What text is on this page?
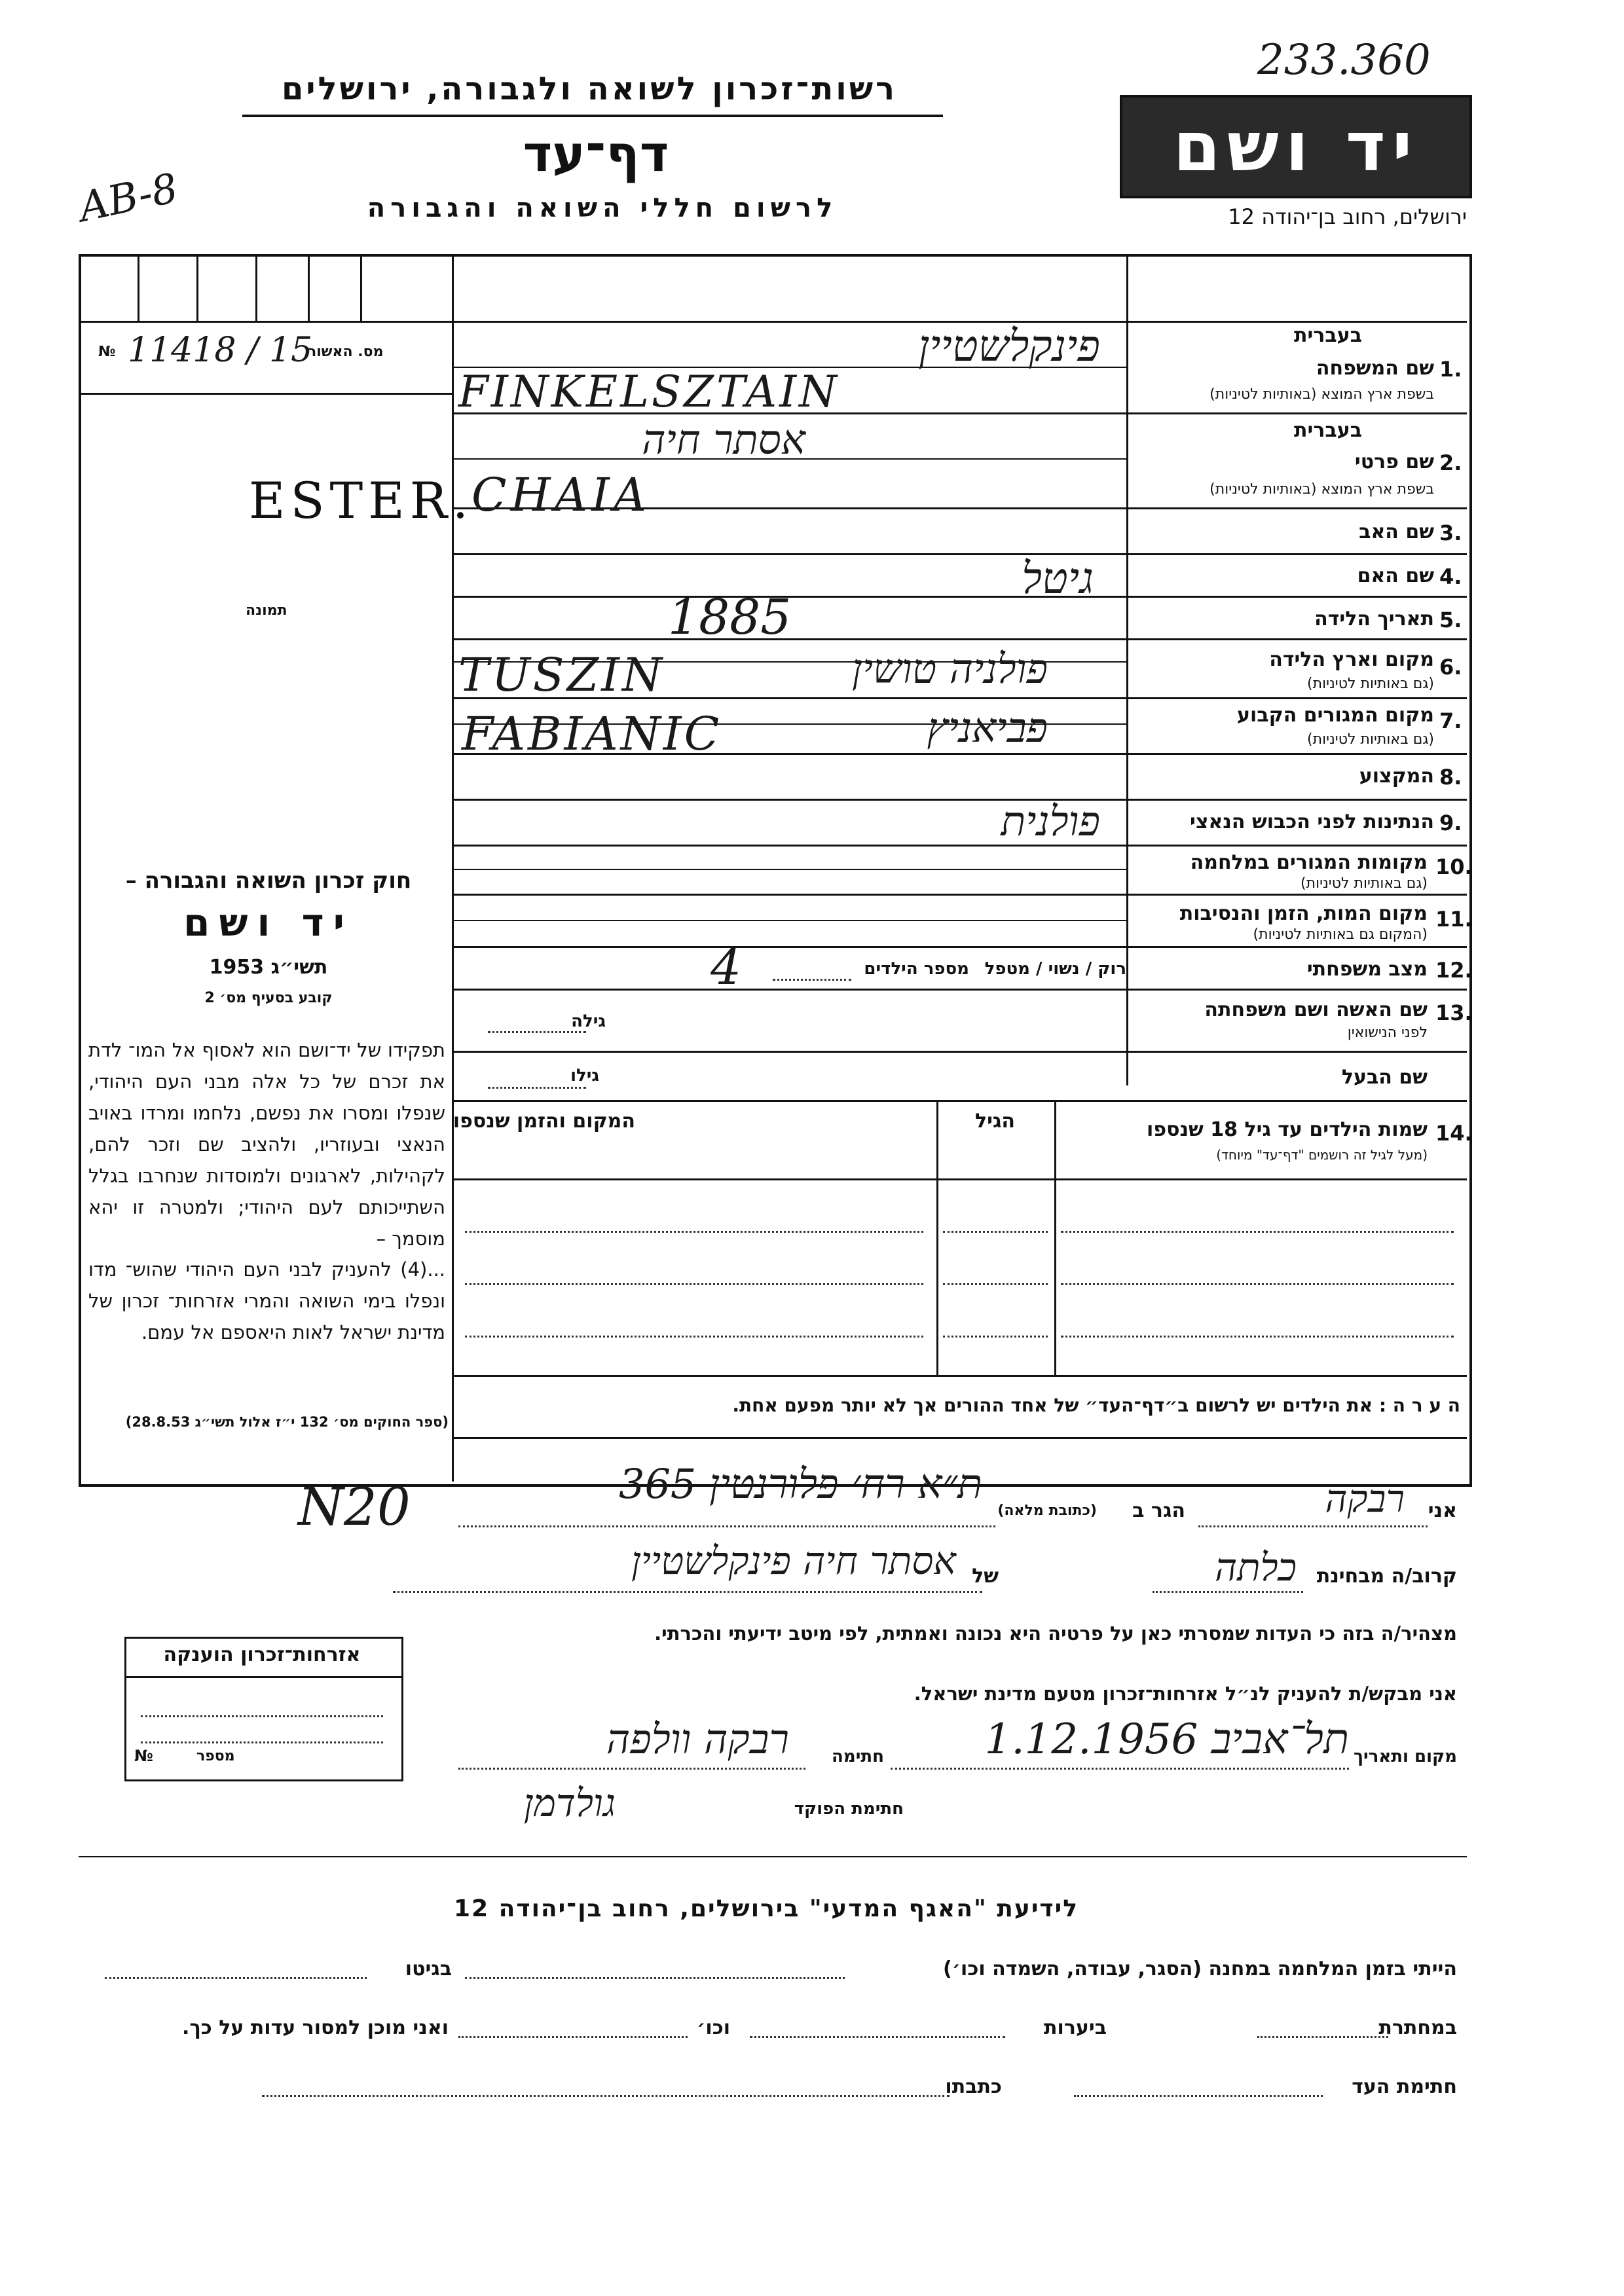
233.360
AB-8
רשות־זכרון לשואה ולגבורה, ירושלים
דף־עד
לרשום חללי השואה והגבורה
יד ושם
ירושלים, רחוב בן־יהודה 12
מס. האשור
№ 11418 / 15
תמונה
ESTER.
חוק זכרון השואה והגבורה –
יד ושם
תשי״ג 1953
קובע בסעיף מס׳ 2
תפקידו של יד־ושם הוא לאסוף אל המו־ לדת את זכרם של כל אלה מבני העם היהודי, שנפלו ומסרו את נפשם, נלחמו ומרדו באויב הנאצי ובעוזריו, ולהציב שם וזכר להם, לקהילות, לארגונים ולמוסדות שנחרבו בגלל השתייכותם לעם היהודי; ולמטרה זו יהא מוסמך –
...(4) להעניק לבני העם היהודי שהוש־ מדו ונפלו בימי השואה והמרי אזרחות־ זכרון של מדינת ישראל לאות היאספם אל עמם.
(ספר החוקים מס׳ 132 י״ז אלול תשי״ג 28.8.53)
1.
בעברית
שם המשפחה
בשפת ארץ המוצא (באותיות לטיניות)
פינקלשטיין
FINKELSZTAIN
2.
בעברית
שם פרטי
בשפת ארץ המוצא (באותיות לטיניות)
אסתר חיה
CHAIA
3.
שם האב
4.
שם האם
גיטל
5.
תאריך הלידה
1885
6.
מקום וארץ הלידה
(גם באותיות לטיניות)
פולניה טושין
TUSZIN
7.
מקום המגורים הקבוע
(גם באותיות לטיניות)
פביאניץ
FABIANIC
8.
המקצוע
9.
הנתינות לפני הכבוש הנאצי
פולנית
10.
מקומות המגורים במלחמה
(גם באותיות לטיניות)
11.
מקום המות, הזמן והנסיבות
(המקום גם באותיות לטיניות)
12.
מצב משפחתי
רוק / נשוי / מטפל
מספר הילדים
4
13.
שם האשה ושם משפחתה
לפני הנישואין
גילה
שם הבעל
גילו
14.
שמות הילדים עד גיל 18 שנספו
(מעל לגיל זה רושמים "דף־עד" מיוחד)
הגיל
המקום והזמן שנספו
ה ע ר ה : את הילדים יש לרשום ב״דף־העד״ של אחד ההורים אך לא יותר מפעם אחת.
אני
רבקה
הגר ב
(כתובת מלאה)
ת״א רח׳ פלורנטין 365
N20
קרוב/ה מבחינת
כלתה
של
אסתר חיה פינקלשטיין
מצהיר/ה בזה כי העדות שמסרתי כאן על פרטיה היא נכונה ואמתית, לפי מיטב ידיעתי והכרתי.
אני מבקש/ת להעניק לנ״ל אזרחות־זכרון מטעם מדינת ישראל.
מקום ותאריך
תל־אביב 1.12.1956
חתימה
רבקה וולפה
חתימת הפוקד
גולדמן
אזרחות־זכרון הוענקה
מספר
№
לידיעת "האגף המדעי" בירושלים, רחוב בן־יהודה 12
הייתי בזמן המלחמה במחנה (הסגר, עבודה, השמדה וכו׳)
בגיטו
במחתרת
ביערות
וכו׳
ואני מוכן למסור עדות על כך.
חתימת העד
כתבתו
